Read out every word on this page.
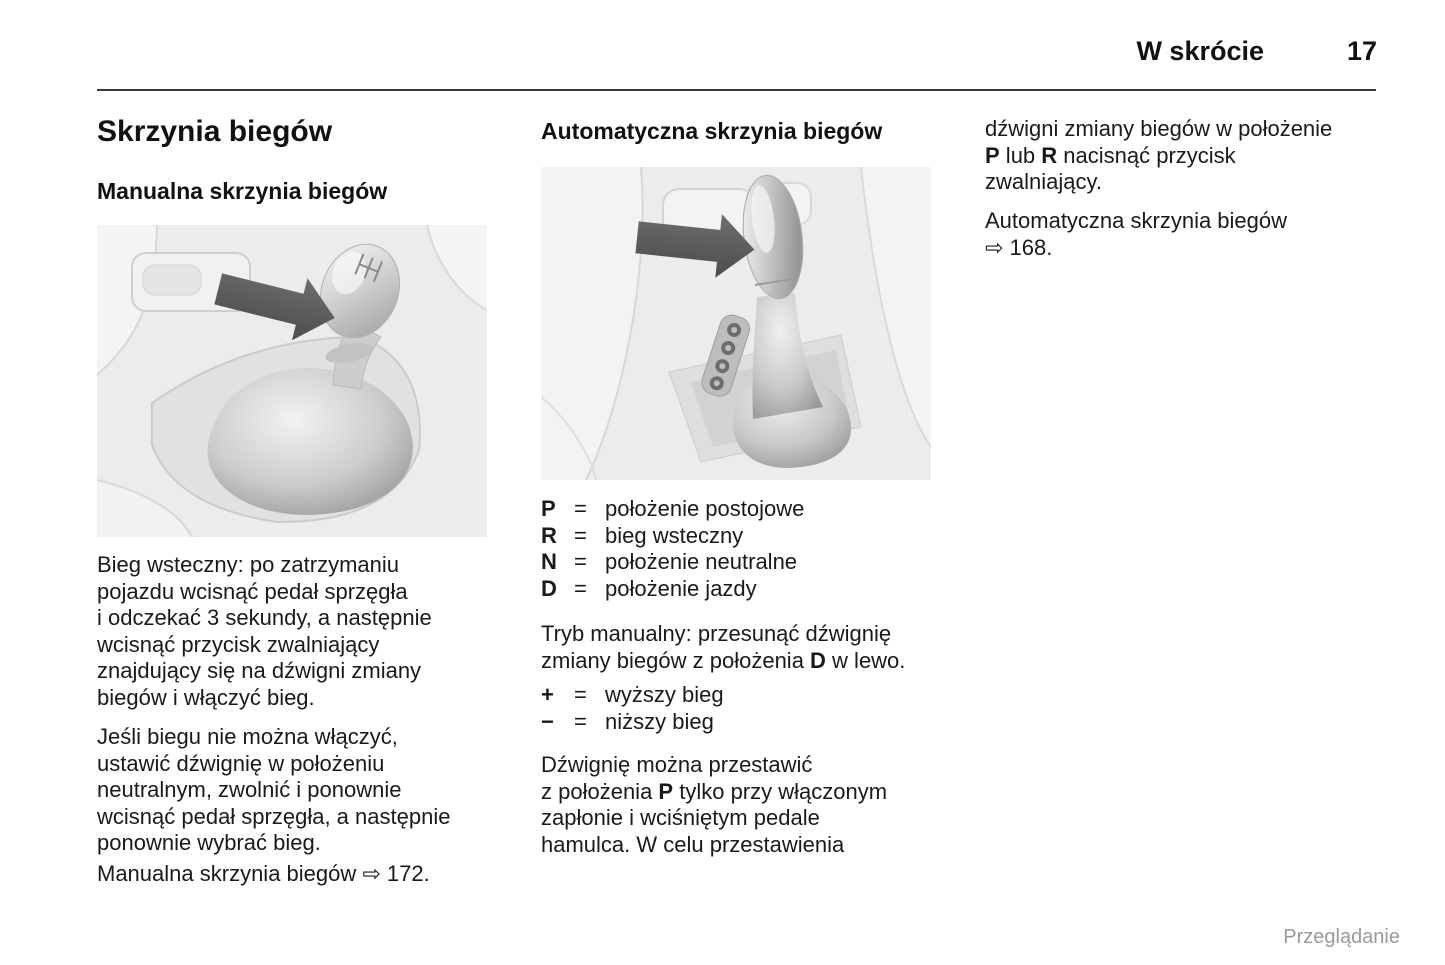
W skrócie	17
Skrzynia biegów
Manualna skrzynia biegów
Bieg wsteczny: po zatrzymaniu
pojazdu wcisnąć pedał sprzęgła
i odczekać 3 sekundy, a następnie
wcisnąć przycisk zwalniający
znajdujący się na dźwigni zmiany
biegów i włączyć bieg.
Jeśli biegu nie można włączyć,
ustawić dźwignię w położeniu
neutralnym, zwolnić i ponownie
wcisnąć pedał sprzęgła, a następnie
ponownie wybrać bieg.
Manualna skrzynia biegów ⇨ 172.
Automatyczna skrzynia biegów
P = położenie postojowe
R = bieg wsteczny
N = położenie neutralne
D = położenie jazdy
Tryb manualny: przesunąć dźwignię
zmiany biegów z położenia D w lewo.
+ = wyższy bieg
− = niższy bieg
Dźwignię można przestawić
z położenia P tylko przy włączonym
zapłonie i wciśniętym pedale
hamulca. W celu przestawienia
dźwigni zmiany biegów w położenie
P lub R nacisnąć przycisk
zwalniający.
Automatyczna skrzynia biegów
⇨ 168.
Przeglądanie
